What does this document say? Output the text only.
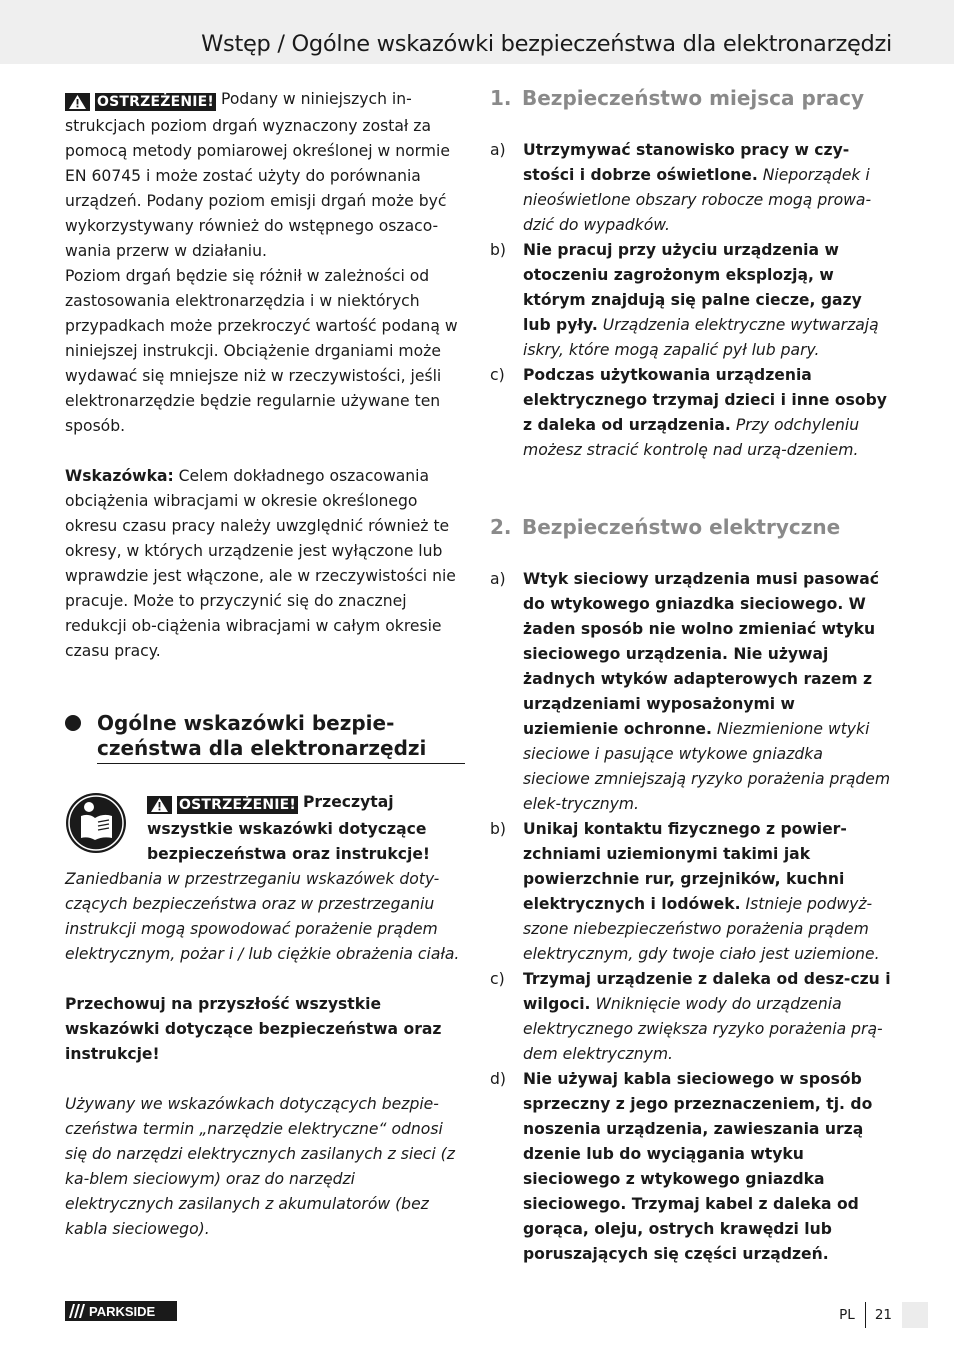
Wstęp / Ogólne wskazówki bezpieczeństwa dla elektronarzędzi

OSTRZEŻENIE! Podany w niniejszych in-strukcjach poziom drgań wyznaczony został za pomocą metody pomiarowej określonej w normie EN 60745 i może zostać użyty do porównania urządzeń. Podany poziom emisji drgań może być wykorzystywany również do wstępnego oszaco-wania przerw w działaniu.

Poziom drgań będzie się różnił w zależności od zastosowania elektronarzędzia i w niektórych przypadkach może przekroczyć wartość podaną w niniejszej instrukcji. Obciążenie drganiami może wydawać się mniejsze niż w rzeczywistości, jeśli elektronarzędzie będzie regularnie używane ten sposób.

Wskazówka: Celem dokładnego oszacowania obciążenia wibracjami w okresie określonego okresu czasu pracy należy uwzględnić również te okresy, w których urządzenie jest wyłączone lub wprawdzie jest włączone, ale w rzeczywistości nie pracuje. Może to przyczynić się do znacznej redukcji ob-ciążenia wibracjami w całym okresie czasu pracy.

Ogólne wskazówki bezpie-czeństwa dla elektronarzędzi
OSTRZEŻENIE! Przeczytaj wszystkie wskazówki dotyczące bezpieczeństwa oraz instrukcje!

Zaniedbania w przestrzeganiu wskazówek doty-czących bezpieczeństwa oraz w przestrzeganiu instrukcji mogą spowodować porażenie prądem elektrycznym, pożar i / lub ciężkie obrażenia ciała.

Przechowuj na przyszłość wszystkie wskazówki dotyczące bezpieczeństwa oraz instrukcje!

Używany we wskazówkach dotyczących bezpie-czeństwa termin „narzędzie elektryczne“ odnosi się do narzędzi elektrycznych zasilanych z sieci (z ka-blem sieciowym) oraz do narzędzi elektrycznych zasilanych z akumulatorów (bez kabla sieciowego).

1. Bezpieczeństwo miejsca pracy
a) Utrzymywać stanowisko pracy w czy-stości i dobrze oświetlone. Nieporządek i nieoświetlone obszary robocze mogą prowa-dzić do wypadków.
b) Nie pracuj przy użyciu urządzenia w otoczeniu zagrożonym eksplozją, w którym znajdują się palne ciecze, gazy lub pyły. Urządzenia elektryczne wytwarzają iskry, które mogą zapalić pył lub pary.
c) Podczas użytkowania urządzenia elektrycznego trzymaj dzieci i inne osoby z daleka od urządzenia. Przy odchyleniu możesz stracić kontrolę nad urzą-dzeniem.
2. Bezpieczeństwo elektryczne
a) Wtyk sieciowy urządzenia musi pasować do wtykowego gniazdka sieciowego. W żaden sposób nie wolno zmieniać wtyku sieciowego urządzenia. Nie używaj żadnych wtyków adapterowych razem z urządzeniami wyposażonymi w uziemienie ochronne. Niezmienione wtyki sieciowe i pasujące wtykowe gniazdka sieciowe zmniejszają ryzyko porażenia prądem elek-trycznym.
b) Unikaj kontaktu fizycznego z powier-zchniami uziemionymi takimi jak powierzchnie rur, grzejników, kuchni elektrycznych i lodówek. Istnieje podwyż-szone niebezpieczeństwo porażenia prądem elektrycznym, gdy twoje ciało jest uziemione.
c) Trzymaj urządzenie z daleka od desz-czu i wilgoci. Wniknięcie wody do urządzenia elektrycznego zwiększa ryzyko porażenia prą-dem elektrycznym.
d) Nie używaj kabla sieciowego w sposób sprzeczny z jego przeznaczeniem, tj. do noszenia urządzenia, zawieszania urzą dzenie lub do wyciągania wtyku sieciowego z wtykowego gniazdka sieciowego. Trzymaj kabel z daleka od gorąca, oleju, ostrych krawędzi lub poruszających się części urządzeń.
PARKSIDE	PL 21
